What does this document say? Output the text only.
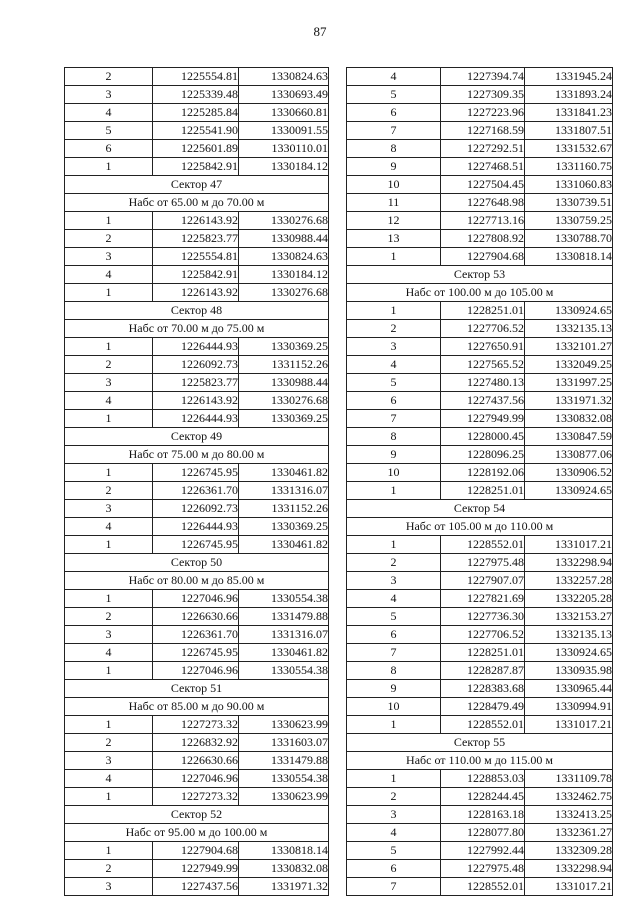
87
2	1225554.81	1330824.63
3	1225339.48	1330693.49
4	1225285.84	1330660.81
5	1225541.90	1330091.55
6	1225601.89	1330110.01
1	1225842.91	1330184.12
Сектор 47		
Набс от 65.00 м до 70.00 м		
1	1226143.92	1330276.68
2	1225823.77	1330988.44
3	1225554.81	1330824.63
4	1225842.91	1330184.12
1	1226143.92	1330276.68
Сектор 48		
Набс от 70.00 м до 75.00 м		
1	1226444.93	1330369.25
2	1226092.73	1331152.26
3	1225823.77	1330988.44
4	1226143.92	1330276.68
1	1226444.93	1330369.25
Сектор 49		
Набс от 75.00 м до 80.00 м		
1	1226745.95	1330461.82
2	1226361.70	1331316.07
3	1226092.73	1331152.26
4	1226444.93	1330369.25
1	1226745.95	1330461.82
Сектор 50		
Набс от 80.00 м до 85.00 м		
1	1227046.96	1330554.38
2	1226630.66	1331479.88
3	1226361.70	1331316.07
4	1226745.95	1330461.82
1	1227046.96	1330554.38
Сектор 51		
Набс от 85.00 м до 90.00 м		
1	1227273.32	1330623.99
2	1226832.92	1331603.07
3	1226630.66	1331479.88
4	1227046.96	1330554.38
1	1227273.32	1330623.99
Сектор 52		
Набс от 95.00 м до 100.00 м		
1	1227904.68	1330818.14
2	1227949.99	1330832.08
3	1227437.56	1331971.32
4	1227394.74	1331945.24
5	1227309.35	1331893.24
6	1227223.96	1331841.23
7	1227168.59	1331807.51
8	1227292.51	1331532.67
9	1227468.51	1331160.75
10	1227504.45	1331060.83
11	1227648.98	1330739.51
12	1227713.16	1330759.25
13	1227808.92	1330788.70
1	1227904.68	1330818.14
Сектор 53		
Набс от 100.00 м до 105.00 м		
1	1228251.01	1330924.65
2	1227706.52	1332135.13
3	1227650.91	1332101.27
4	1227565.52	1332049.25
5	1227480.13	1331997.25
6	1227437.56	1331971.32
7	1227949.99	1330832.08
8	1228000.45	1330847.59
9	1228096.25	1330877.06
10	1228192.06	1330906.52
1	1228251.01	1330924.65
Сектор 54		
Набс от 105.00 м до 110.00 м		
1	1228552.01	1331017.21
2	1227975.48	1332298.94
3	1227907.07	1332257.28
4	1227821.69	1332205.28
5	1227736.30	1332153.27
6	1227706.52	1332135.13
7	1228251.01	1330924.65
8	1228287.87	1330935.98
9	1228383.68	1330965.44
10	1228479.49	1330994.91
1	1228552.01	1331017.21
Сектор 55		
Набс от 110.00 м до 115.00 м		
1	1228853.03	1331109.78
2	1228244.45	1332462.75
3	1228163.18	1332413.25
4	1228077.80	1332361.27
5	1227992.44	1332309.28
6	1227975.48	1332298.94
7	1228552.01	1331017.21
